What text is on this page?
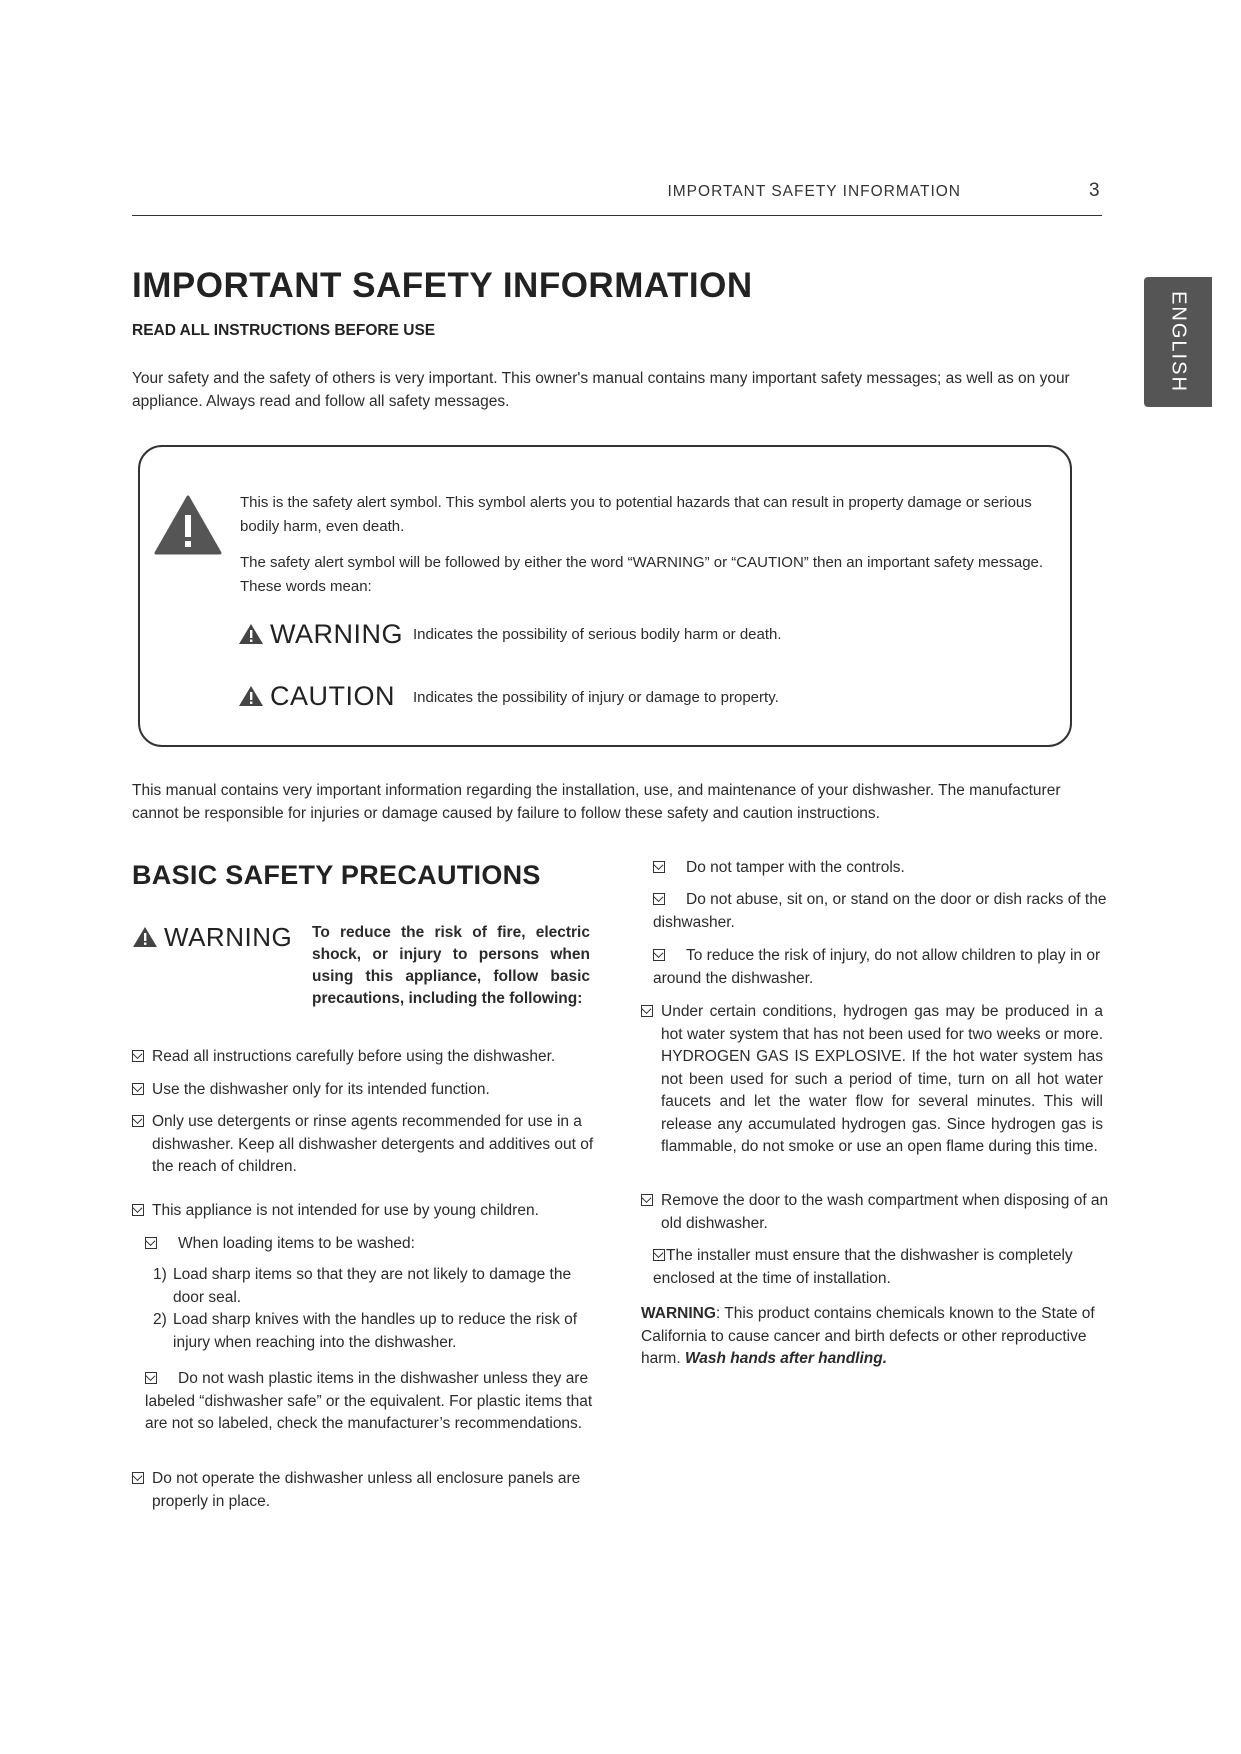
IMPORTANT SAFETY INFORMATION	3
ENGLISH
IMPORTANT SAFETY INFORMATION
READ ALL INSTRUCTIONS BEFORE USE
Your safety and the safety of others is very important. This owner's manual contains many important safety messages; as well as on your appliance. Always read and follow all safety messages.
This is the safety alert symbol. This symbol alerts you to potential hazards that can result in property damage or serious bodily harm, even death.
The safety alert symbol will be followed by either the word “WARNING” or “CAUTION” then an important safety message. These words mean:
WARNING Indicates the possibility of serious bodily harm or death.
CAUTION Indicates the possibility of injury or damage to property.
This manual contains very important information regarding the installation, use, and maintenance of your dishwasher. The manufacturer cannot be responsible for injuries or damage caused by failure to follow these safety and caution instructions.
BASIC SAFETY PRECAUTIONS
WARNING To reduce the risk of fire, electric shock, or injury to persons when using this appliance, follow basic precautions, including the following:

Read all instructions carefully before using the dishwasher.

Use the dishwasher only for its intended function.

Only use detergents or rinse agents recommended for use in a dishwasher. Keep all dishwasher detergents and additives out of the reach of children.

This appliance is not intended for use by young children.

When loading items to be washed:

1) Load sharp items so that they are not likely to damage the door seal.

2) Load sharp knives with the handles up to reduce the risk of injury when reaching into the dishwasher.

Do not wash plastic items in the dishwasher unless they are labeled “dishwasher safe” or the equivalent. For plastic items that are not so labeled, check the manufacturer’s recommendations.

Do not operate the dishwasher unless all enclosure panels are properly in place.

Do not tamper with the controls.

Do not abuse, sit on, or stand on the door or dish racks of the dishwasher.

To reduce the risk of injury, do not allow children to play in or around the dishwasher.

Under certain conditions, hydrogen gas may be produced in a hot water system that has not been used for two weeks or more. HYDROGEN GAS IS EXPLOSIVE. If the hot water system has not been used for such a period of time, turn on all hot water faucets and let the water flow for several minutes. This will release any accumulated hydrogen gas. Since hydrogen gas is flammable, do not smoke or use an open flame during this time.

Remove the door to the wash compartment when disposing of an old dishwasher.

The installer must ensure that the dishwasher is completely enclosed at the time of installation.

WARNING: This product contains chemicals known to the State of California to cause cancer and birth defects or other reproductive harm. Wash hands after handling.
